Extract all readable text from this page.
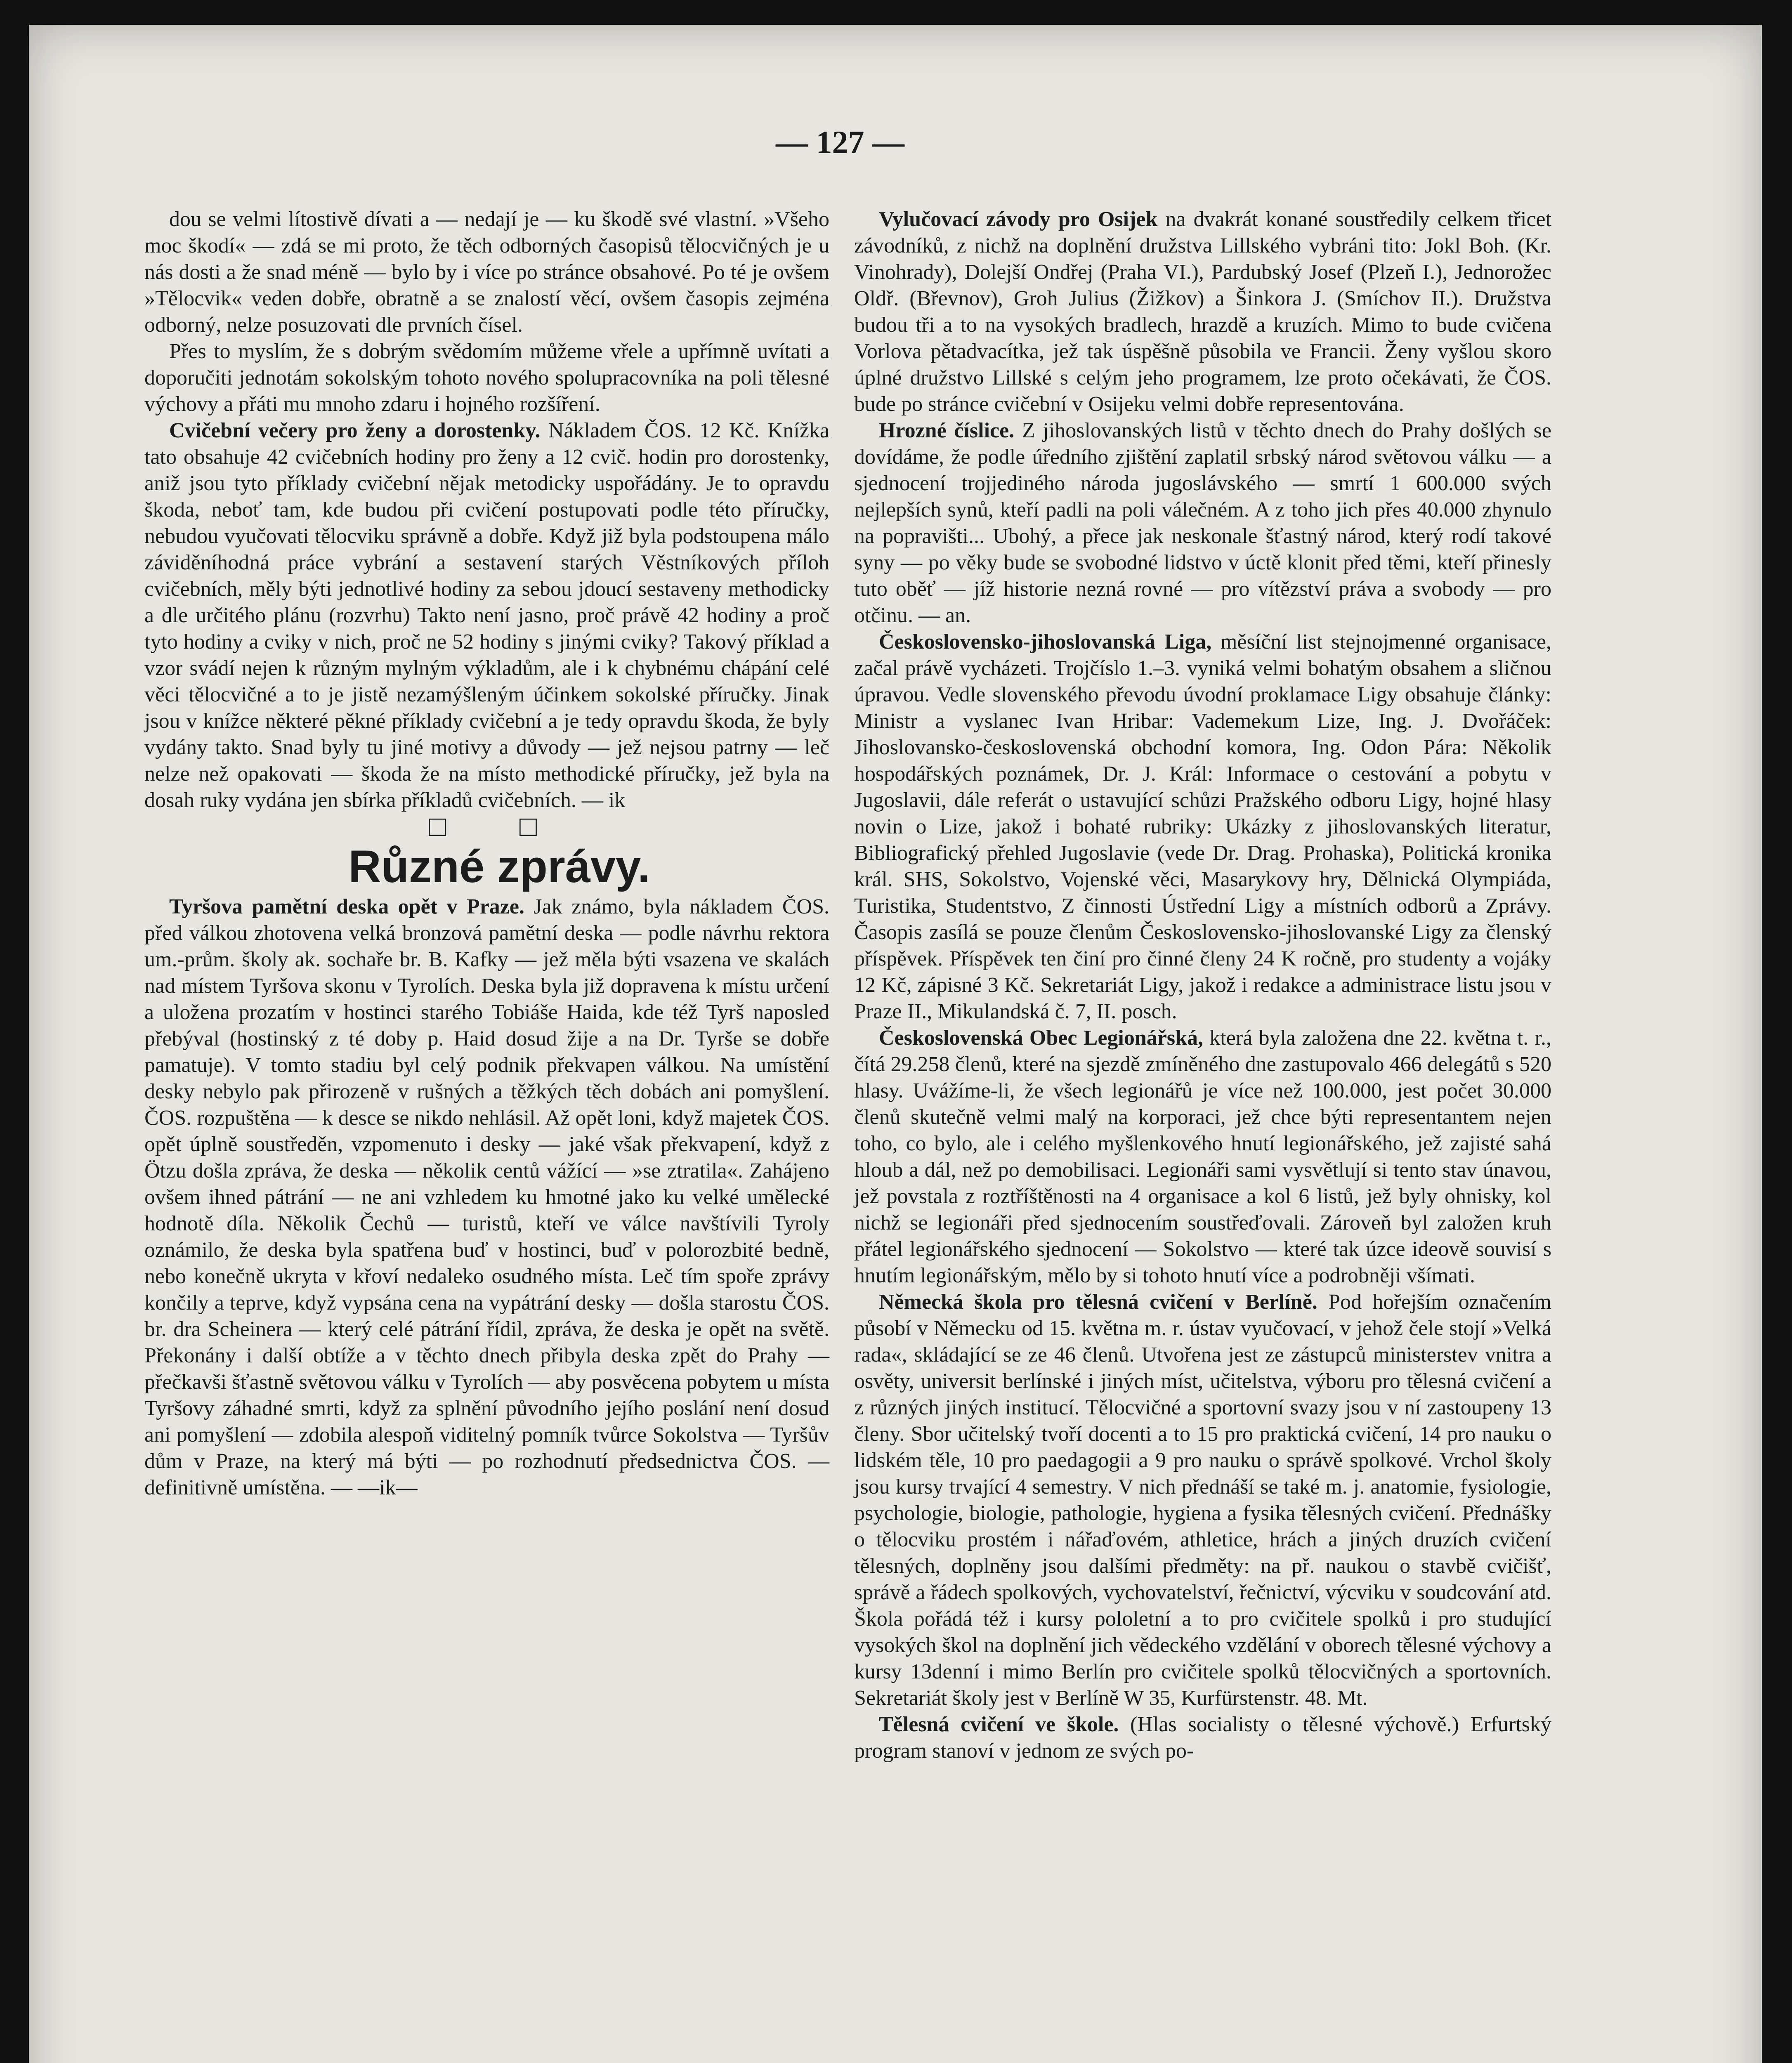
— 127 —

dou se velmi lítostivě dívati a — nedají je — ku škodě své vlastní. »Všeho moc škodí« — zdá se mi proto, že těch odborných časopisů tělocvičných je u nás dosti a že snad méně — bylo by i více po stránce obsahové. Po té je ovšem »Tělocvik« veden dobře, obratně a se znalostí věcí, ovšem časopis zejména odborný, nelze posuzovati dle prvních čísel.

Přes to myslím, že s dobrým svědomím můžeme vřele a upřímně uvítati a doporučiti jednotám sokolským tohoto nového spolupracovníka na poli tělesné výchovy a přáti mu mnoho zdaru i hojného rozšíření.

Cvičební večery pro ženy a dorostenky. Nákladem ČOS. 12 Kč. Knížka tato obsahuje 42 cvičebních hodiny pro ženy a 12 cvič. hodin pro dorostenky, aniž jsou tyto příklady cvičební nějak metodicky uspořádány. Je to opravdu škoda, neboť tam, kde budou při cvičení postupovati podle této příručky, nebudou vyučovati tělocviku správně a dobře. Když již byla podstoupena málo záviděníhodná práce vybrání a sestavení starých Věstníkových příloh cvičebních, měly býti jednotlivé hodiny za sebou jdoucí sestaveny methodicky a dle určitého plánu (rozvrhu) Takto není jasno, proč právě 42 hodiny a proč tyto hodiny a cviky v nich, proč ne 52 hodiny s jinými cviky? Takový příklad a vzor svádí nejen k různým mylným výkladům, ale i k chybnému chápání celé věci tělocvičné a to je jistě nezamýšleným účinkem sokolské příručky. Jinak jsou v knížce některé pěkné příklady cvičební a je tedy opravdu škoda, že byly vydány takto. Snad byly tu jiné motivy a důvody — jež nejsou patrny — leč nelze než opakovati — škoda že na místo methodické příručky, jež byla na dosah ruky vydána jen sbírka příkladů cvičebních. — ik

□ □

Různé zprávy.

Tyršova pamětní deska opět v Praze. Jak známo, byla nákladem ČOS. před válkou zhotovena velká bronzová pamětní deska — podle návrhu rektora um.-prům. školy ak. sochaře br. B. Kafky — jež měla býti vsazena ve skalách nad místem Tyršova skonu v Tyrolích. Deska byla již dopravena k místu určení a uložena prozatím v hostinci starého Tobiáše Haida, kde též Tyrš naposled přebýval (hostinský z té doby p. Haid dosud žije a na Dr. Tyrše se dobře pamatuje). V tomto stadiu byl celý podnik překvapen válkou. Na umístění desky nebylo pak přirozeně v rušných a těžkých těch dobách ani pomyšlení. ČOS. rozpuštěna — k desce se nikdo nehlásil. Až opět loni, když majetek ČOS. opět úplně soustředěn, vzpomenuto i desky — jaké však překvapení, když z Ötzu došla zpráva, že deska — několik centů vážící — »se ztratila«. Zahájeno ovšem ihned pátrání — ne ani vzhledem ku hmotné jako ku velké umělecké hodnotě díla. Několik Čechů — turistů, kteří ve válce navštívili Tyroly oznámilo, že deska byla spatřena buď v hostinci, buď v polorozbité bedně, nebo konečně ukryta v křoví nedaleko osudného místa. Leč tím spoře zprávy končily a teprve, když vypsána cena na vypátrání desky — došla starostu ČOS. br. dra Scheinera — který celé pátrání řídil, zpráva, že deska je opět na světě. Překonány i další obtíže a v těchto dnech přibyla deska zpět do Prahy — přečkavši šťastně světovou válku v Tyrolích — aby posvěcena pobytem u místa Tyršovy záhadné smrti, když za splnění původního jejího poslání není dosud ani pomyšlení — zdobila alespoň viditelný pomník tvůrce Sokolstva — Tyršův dům v Praze, na který má býti — po rozhodnutí předsednictva ČOS. — definitivně umístěna. — —ik—

Vylučovací závody pro Osijek na dvakrát konané soustředily celkem třicet závodníků, z nichž na doplnění družstva Lillského vybráni tito: Jokl Boh. (Kr. Vinohrady), Dolejší Ondřej (Praha VI.), Pardubský Josef (Plzeň I.), Jednorožec Oldř. (Břevnov), Groh Julius (Žižkov) a Šinkora J. (Smíchov II.). Družstva budou tři a to na vysokých bradlech, hrazdě a kruzích. Mimo to bude cvičena Vorlova pětadvacítka, jež tak úspěšně působila ve Francii. Ženy vyšlou skoro úplné družstvo Lillské s celým jeho programem, lze proto očekávati, že ČOS. bude po stránce cvičební v Osijeku velmi dobře representována.

Hrozné číslice. Z jihoslovanských listů v těchto dnech do Prahy došlých se dovídáme, že podle úředního zjištění zaplatil srbský národ světovou válku — a sjednocení trojjediného národa jugoslávského — smrtí 1 600.000 svých nejlepších synů, kteří padli na poli válečném. A z toho jich přes 40.000 zhynulo na popravišti... Ubohý, a přece jak neskonale šťastný národ, který rodí takové syny — po věky bude se svobodné lidstvo v úctě klonit před těmi, kteří přinesly tuto oběť — jíž historie nezná rovné — pro vítězství práva a svobody — pro otčinu. — an.

Československo-jihoslovanská Liga, měsíční list stejnojmenné organisace, začal právě vycházeti. Trojčíslo 1.–3. vyniká velmi bohatým obsahem a sličnou úpravou. Vedle slovenského převodu úvodní proklamace Ligy obsahuje články: Ministr a vyslanec Ivan Hribar: Vademekum Lize, Ing. J. Dvořáček: Jihoslovansko-československá obchodní komora, Ing. Odon Pára: Několik hospodářských poznámek, Dr. J. Král: Informace o cestování a pobytu v Jugoslavii, dále referát o ustavující schůzi Pražského odboru Ligy, hojné hlasy novin o Lize, jakož i bohaté rubriky: Ukázky z jihoslovanských literatur, Bibliografický přehled Jugoslavie (vede Dr. Drag. Prohaska), Politická kronika král. SHS, Sokolstvo, Vojenské věci, Masarykovy hry, Dělnická Olympiáda, Turistika, Studentstvo, Z činnosti Ústřední Ligy a místních odborů a Zprávy. Časopis zasílá se pouze členům Československo-jihoslovanské Ligy za členský příspěvek. Příspěvek ten činí pro činné členy 24 K ročně, pro studenty a vojáky 12 Kč, zápisné 3 Kč. Sekretariát Ligy, jakož i redakce a administrace listu jsou v Praze II., Mikulandská č. 7, II. posch.

Československá Obec Legionářská, která byla založena dne 22. května t. r., čítá 29.258 členů, které na sjezdě zmíněného dne zastupovalo 466 delegátů s 520 hlasy. Uvážíme-li, že všech legionářů je více než 100.000, jest počet 30.000 členů skutečně velmi malý na korporaci, jež chce býti representantem nejen toho, co bylo, ale i celého myšlenkového hnutí legionářského, jež zajisté sahá hloub a dál, než po demobilisaci. Legionáři sami vysvětlují si tento stav únavou, jež povstala z roztříštěnosti na 4 organisace a kol 6 listů, jež byly ohnisky, kol nichž se legionáři před sjednocením soustřeďovali. Zároveň byl založen kruh přátel legionářského sjednocení — Sokolstvo — které tak úzce ideově souvisí s hnutím legionářským, mělo by si tohoto hnutí více a podrobněji všímati.

Německá škola pro tělesná cvičení v Berlíně. Pod hořejším označením působí v Německu od 15. května m. r. ústav vyučovací, v jehož čele stojí »Velká rada«, skládající se ze 46 členů. Utvořena jest ze zástupců ministerstev vnitra a osvěty, universit berlínské i jiných míst, učitelstva, výboru pro tělesná cvičení a z různých jiných institucí. Tělocvičné a sportovní svazy jsou v ní zastoupeny 13 členy. Sbor učitelský tvoří docenti a to 15 pro praktická cvičení, 14 pro nauku o lidském těle, 10 pro paedagogii a 9 pro nauku o správě spolkové. Vrchol školy jsou kursy trvající 4 semestry. V nich přednáší se také m. j. anatomie, fysiologie, psychologie, biologie, pathologie, hygiena a fysika tělesných cvičení. Přednášky o tělocviku prostém i nářaďovém, athletice, hrách a jiných druzích cvičení tělesných, doplněny jsou dalšími předměty: na př. naukou o stavbě cvičišť, správě a řádech spolkových, vychovatelství, řečnictví, výcviku v soudcování atd. Škola pořádá též i kursy pololetní a to pro cvičitele spolků i pro studující vysokých škol na doplnění jich vědeckého vzdělání v oborech tělesné výchovy a kursy 13denní i mimo Berlín pro cvičitele spolků tělocvičných a sportovních. Sekretariát školy jest v Berlíně W 35, Kurfürstenstr. 48. Mt.

Tělesná cvičení ve škole. (Hlas socialisty o tělesné výchově.) Erfurtský program stanoví v jednom ze svých po-
